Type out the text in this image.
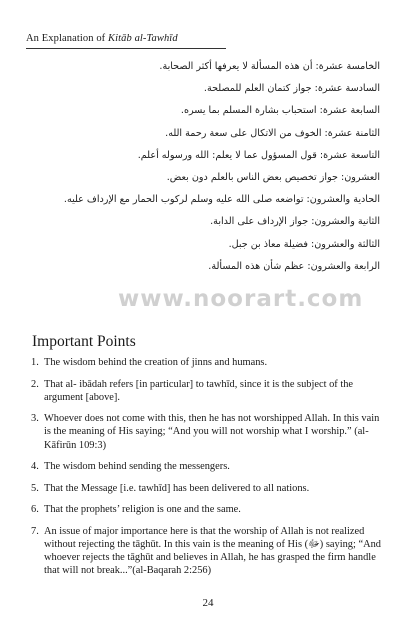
An Explanation of Kitāb al-Tawhīd

الخامسة عشرة: أن هذه المسألة لا يعرفها أكثر الصحابة.

السادسة عشرة: جواز كتمان العلم للمصلحة.

السابعة عشرة: استحباب بشارة المسلم بما يسره.

الثامنة عشرة: الخوف من الاتكال على سعة رحمة الله.

التاسعة عشرة: قول المسؤول عما لا يعلم: الله ورسوله أعلم.

العشرون: جواز تخصيص بعض الناس بالعلم دون بعض.

الحادية والعشرون: تواضعه صلى الله عليه وسلم لركوب الحمار مع الإرداف عليه.

الثانية والعشرون: جواز الإرداف على الدابة.

الثالثة والعشرون: فضيلة معاذ بن جبل.

الرابعة والعشرون: عظم شأن هذه المسألة.

www.noorart.com
Important Points
1. The wisdom behind the creation of jinns and humans.
2. That al- ibādah refers [in particular] to tawhīd, since it is the subject of the argument [above].
3. Whoever does not come with this, then he has not worshipped Allah. In this vain is the meaning of His saying; “And you will not worship what I worship.” (al-Kāfirūn 109:3)
4. The wisdom behind sending the messengers.
5. That the Message [i.e. tawhīd] has been delivered to all nations.
6. That the prophets’ religion is one and the same.
7. An issue of major importance here is that the worship of Allah is not realized without rejecting the tāghūt. In this vain is the meaning of His (ﷻ) saying; “And whoever rejects the tāghūt and believes in Allah, he has grasped the firm handle that will not break...”(al-Baqarah 2:256)
24
